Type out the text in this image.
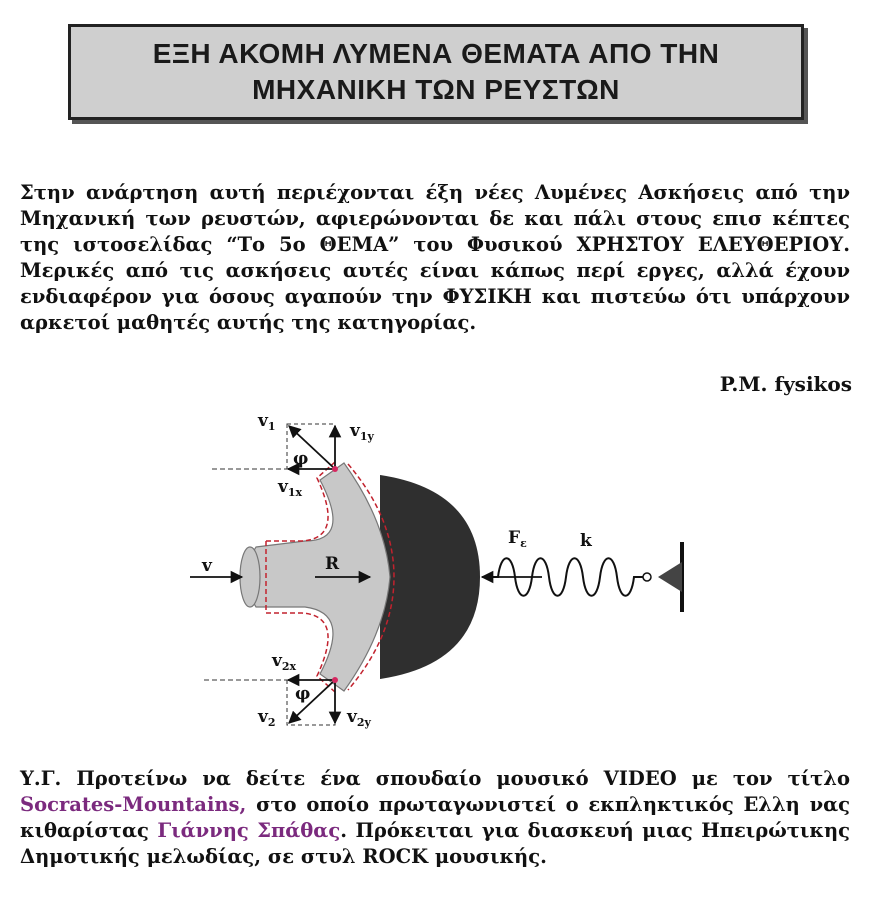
ΕΞΗ ΑΚΟΜΗ ΛΥΜΕΝΑ ΘΕΜΑΤΑ ΑΠΟ ΤΗΝ
ΜΗΧΑΝΙΚΗ ΤΩΝ ΡΕΥΣΤΩΝ

Στην ανάρτηση αυτή περιέχονται έξη νέες Λυμένες Ασκήσεις από την Μηχανική των ρευστών, αφιερώνονται δε και πάλι στους επισ κέπτες της ιστοσελίδας “Το 5ο ΘΕΜΑ” του Φυσικού ΧΡΗΣΤΟΥ ΕΛΕΥΘΕΡΙΟΥ. Μερικές από τις ασκήσεις αυτές είναι κάπως περί εργες, αλλά έχουν ενδιαφέρον για όσους αγαπούν την ΦΥΣΙΚΗ και πιστεύω ότι υπάρχουν αρκετοί μαθητές αυτής της κατηγορίας.

P.M. fysikos
$v_1$	$v_{1y}$
φ
$v_{1x}$
v	R
$F_\varepsilon$	k
$v_{2x}$
φ
$v_2$	$v_{2y}$

Υ.Γ. Προτείνω να δείτε ένα σπουδαίο μουσικό VIDEO με τον τίτλο Socrates-Mountains, στο οποίο πρωταγωνιστεί ο εκπληκτικός Ελλη νας κιθαρίστας Γιάννης Σπάθας. Πρόκειται για διασκευή μιας Ηπειρώτικης Δημοτικής μελωδίας, σε στυλ ROCK μουσικής.
